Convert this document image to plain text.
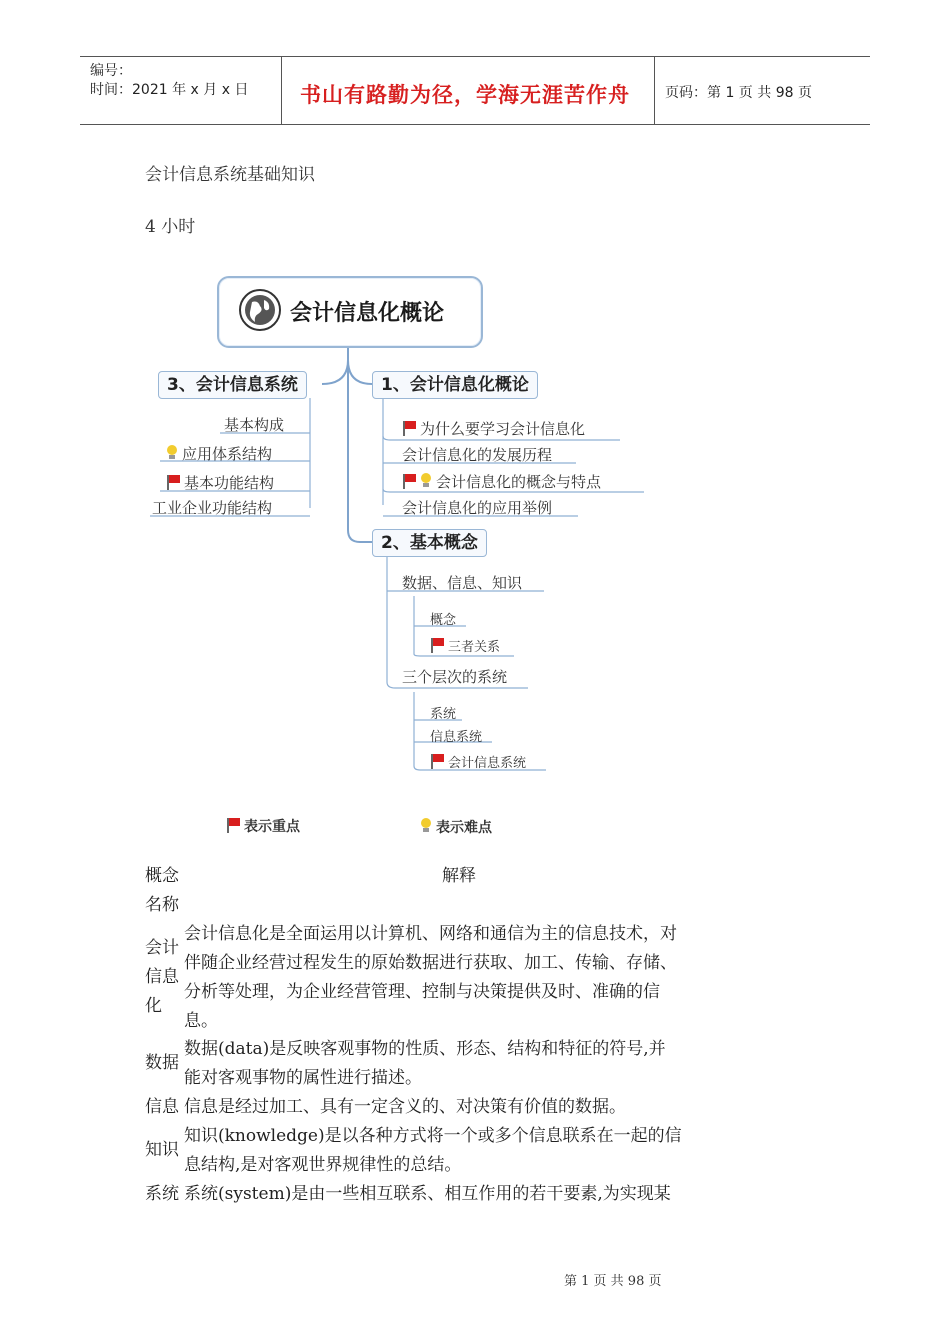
编号：
时间：2021 年 x 月 x 日 书山有路勤为径，学海无涯苦作舟	页码：第 1 页 共 98 页
会计信息系统基础知识
4 小时
会计信息化概论
1、会计信息化概论
为什么要学习会计信息化
会计信息化的发展历程
会计信息化的概念与特点
会计信息化的应用举例
2、基本概念
数据、信息、知识
概念
三者关系
三个层次的系统
系统
信息系统
会计信息系统
3、会计信息系统
基本构成
应用体系结构
基本功能结构
工业企业功能结构
表示重点	表示难点
概念
名称
解释
会计
信息
化
会计信息化是全面运用以计算机、网络和通信为主的信息技术，对
伴随企业经营过程发生的原始数据进行获取、加工、传输、存储、
分析等处理，为企业经营管理、控制与决策提供及时、准确的信
息。
数据
数据(data)是反映客观事物的性质、形态、结构和特征的符号,并
能对客观事物的属性进行描述。
信息 信息是经过加工、具有一定含义的、对决策有价值的数据。
知识
知识(knowledge)是以各种方式将一个或多个信息联系在一起的信
息结构,是对客观世界规律性的总结。
系统 系统(system)是由一些相互联系、相互作用的若干要素,为实现某
第 1 页 共 98 页
